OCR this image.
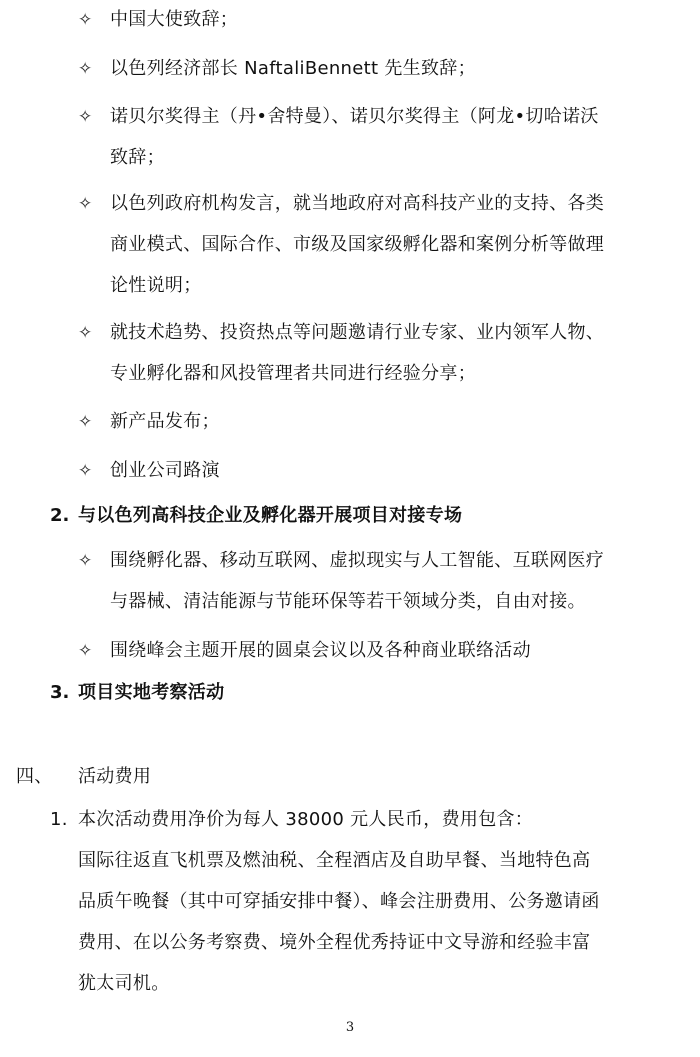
✧ 中国大使致辞；
✧ 以色列经济部长 NaftaliBennett 先生致辞；
✧ 诺贝尔奖得主（丹•舍特曼）、诺贝尔奖得主（阿龙•切哈诺沃
致辞；
✧ 以色列政府机构发言，就当地政府对高科技产业的支持、各类
商业模式、国际合作、市级及国家级孵化器和案例分析等做理
论性说明；
✧ 就技术趋势、投资热点等问题邀请行业专家、业内领军人物、
专业孵化器和风投管理者共同进行经验分享；
✧ 新产品发布；
✧ 创业公司路演
2. 与以色列高科技企业及孵化器开展项目对接专场
✧ 围绕孵化器、移动互联网、虚拟现实与人工智能、互联网医疗
与器械、清洁能源与节能环保等若干领域分类，自由对接。
✧ 围绕峰会主题开展的圆桌会议以及各种商业联络活动
3. 项目实地考察活动
四、 活动费用
1. 本次活动费用净价为每人 38000 元人民币，费用包含：
国际往返直飞机票及燃油税、全程酒店及自助早餐、当地特色高
品质午晚餐（其中可穿插安排中餐）、峰会注册费用、公务邀请函
费用、在以公务考察费、境外全程优秀持证中文导游和经验丰富
犹太司机。
3
